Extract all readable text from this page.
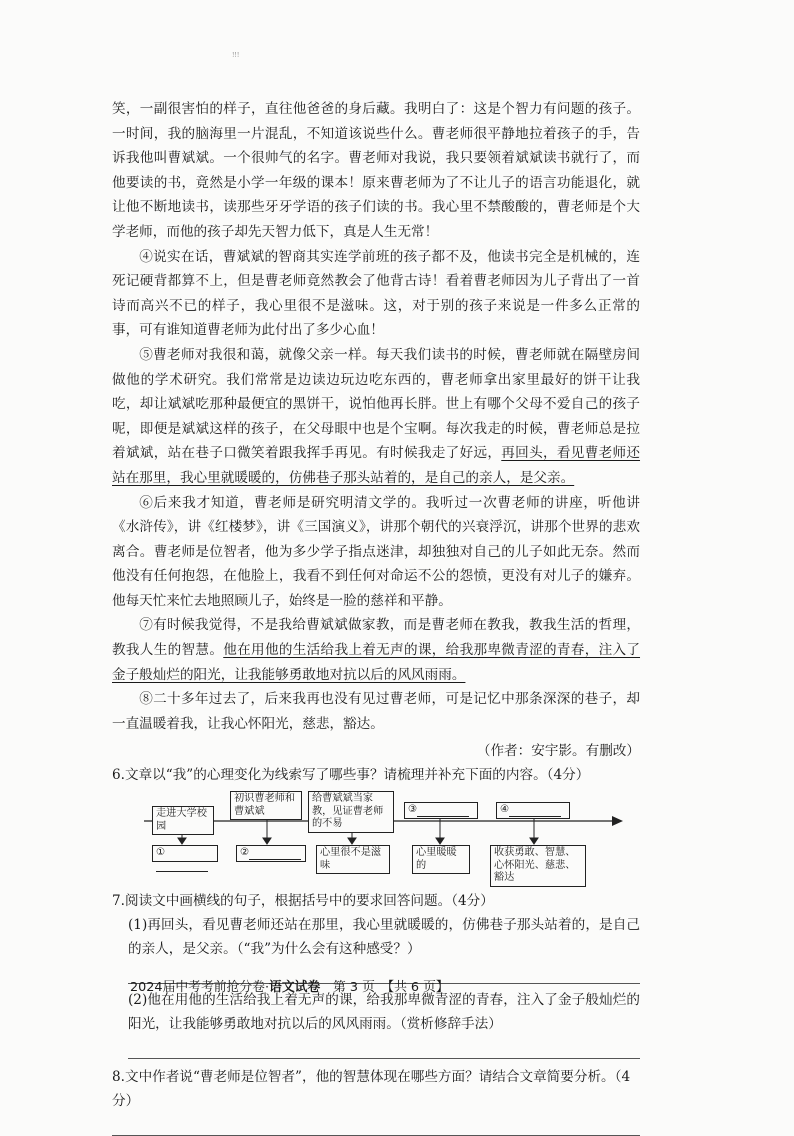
!!!

笑，一副很害怕的样子，直往他爸爸的身后藏。我明白了：这是个智力有问题的孩子。一时间，我的脑海里一片混乱，不知道该说些什么。曹老师很平静地拉着孩子的手，告诉我他叫曹斌斌。一个很帅气的名字。曹老师对我说，我只要领着斌斌读书就行了，而他要读的书，竟然是小学一年级的课本！原来曹老师为了不让儿子的语言功能退化，就让他不断地读书，读那些牙牙学语的孩子们读的书。我心里不禁酸酸的，曹老师是个大学老师，而他的孩子却先天智力低下，真是人生无常！

④说实在话，曹斌斌的智商其实连学前班的孩子都不及，他读书完全是机械的，连死记硬背都算不上，但是曹老师竟然教会了他背古诗！看着曹老师因为儿子背出了一首诗而高兴不已的样子，我心里很不是滋味。这，对于别的孩子来说是一件多么正常的事，可有谁知道曹老师为此付出了多少心血！

⑤曹老师对我很和蔼，就像父亲一样。每天我们读书的时候，曹老师就在隔壁房间做他的学术研究。我们常常是边读边玩边吃东西的，曹老师拿出家里最好的饼干让我吃，却让斌斌吃那种最便宜的黑饼干，说怕他再长胖。世上有哪个父母不爱自己的孩子呢，即便是斌斌这样的孩子，在父母眼中也是个宝啊。每次我走的时候，曹老师总是拉着斌斌，站在巷子口微笑着跟我挥手再见。有时候我走了好远，再回头，看见曹老师还站在那里，我心里就暖暖的，仿佛巷子那头站着的，是自己的亲人，是父亲。

⑥后来我才知道，曹老师是研究明清文学的。我听过一次曹老师的讲座，听他讲《水浒传》，讲《红楼梦》，讲《三国演义》，讲那个朝代的兴衰浮沉，讲那个世界的悲欢离合。曹老师是位智者，他为多少学子指点迷津，却独独对自己的儿子如此无奈。然而他没有任何抱怨，在他脸上，我看不到任何对命运不公的怨愤，更没有对儿子的嫌弃。他每天忙来忙去地照顾儿子，始终是一脸的慈祥和平静。

⑦有时候我觉得，不是我给曹斌斌做家教，而是曹老师在教我，教我生活的哲理，教我人生的智慧。他在用他的生活给我上着无声的课，给我那卑微青涩的青春，注入了金子般灿烂的阳光，让我能够勇敢地对抗以后的风风雨雨。

⑧二十多年过去了，后来我再也没有见过曹老师，可是记忆中那条深深的巷子，却一直温暖着我，让我心怀阳光，慈悲，豁达。

（作者：安宇影。有删改）

6.文章以“我”的心理变化为线索写了哪些事？请梳理并补充下面的内容。（4分）

走进大学校园
初识曹老师和曹斌斌
给曹斌斌当家教，见证曹老师的不易
③	④
①	②	心里很不是滋味
心里暖暖的
收获勇敢、智慧、心怀阳光、慈悲、豁达

7.阅读文中画横线的句子，根据括号中的要求回答问题。（4分）

(1)再回头，看见曹老师还站在那里，我心里就暖暖的，仿佛巷子那头站着的，是自己的亲人，是父亲。（“我”为什么会有这种感受？）

(2)他在用他的生活给我上着无声的课，给我那卑微青涩的青春，注入了金子般灿烂的阳光，让我能够勇敢地对抗以后的风风雨雨。（赏析修辞手法）

8.文中作者说“曹老师是位智者”，他的智慧体现在哪些方面？请结合文章简要分析。（4分）

2024届中考考前抢分卷·语文试卷　 第 3 页　【共 6 页】
